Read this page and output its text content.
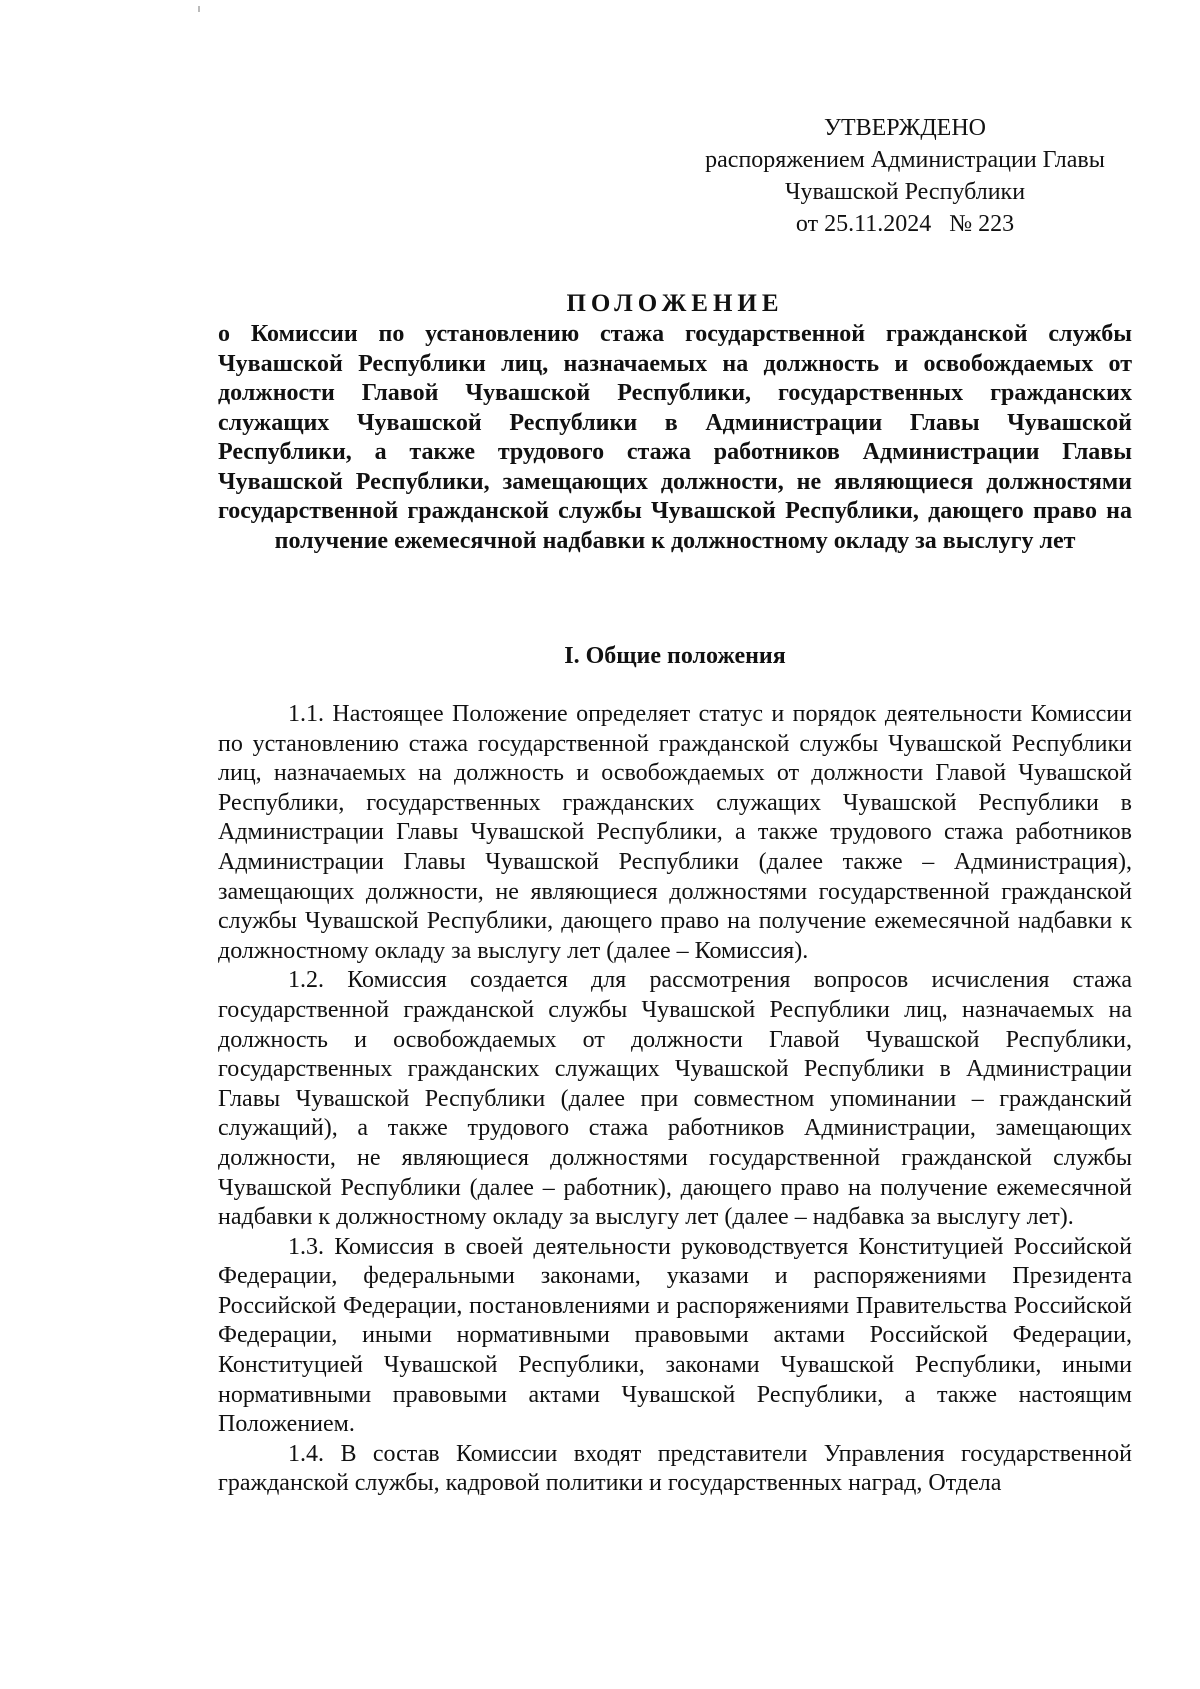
УТВЕРЖДЕНО
распоряжением Администрации Главы
Чувашской Республики
от 25.11.2024   № 223
ПОЛОЖЕНИЕ
о Комиссии по установлению стажа государственной гражданской службы Чувашской Республики лиц, назначаемых на должность и освобождаемых от должности Главой Чувашской Республики, государственных гражданских служащих Чувашской Республики в Администрации Главы Чувашской Республики, а также трудового стажа работников Администрации Главы Чувашской Республики, замещающих должности, не являющиеся должностями государственной гражданской службы Чувашской Республики, дающего право на получение ежемесячной надбавки к должностному окладу за выслугу лет
I. Общие положения

1.1. Настоящее Положение определяет статус и порядок деятельности Комиссии по установлению стажа государственной гражданской службы Чувашской Республики лиц, назначаемых на должность и освобождаемых от должности Главой Чувашской Республики, государственных гражданских служащих Чувашской Республики в Администрации Главы Чувашской Республики, а также трудового стажа работников Администрации Главы Чувашской Республики (далее также – Администрация), замещающих должности, не являющиеся должностями государственной гражданской службы Чувашской Республики, дающего право на получение ежемесячной надбавки к должностному окладу за выслугу лет (далее – Комиссия).

1.2. Комиссия создается для рассмотрения вопросов исчисления стажа государственной гражданской службы Чувашской Республики лиц, назначаемых на должность и освобождаемых от должности Главой Чувашской Республики, государственных гражданских служащих Чувашской Республики в Администрации Главы Чувашской Республики (далее при совместном упоминании – гражданский служащий), а также трудового стажа работников Администрации, замещающих должности, не являющиеся должностями государственной гражданской службы Чувашской Республики (далее – работник), дающего право на получение ежемесячной надбавки к должностному окладу за выслугу лет (далее – надбавка за выслугу лет).

1.3. Комиссия в своей деятельности руководствуется Конституцией Российской Федерации, федеральными законами, указами и распоряжениями Президента Российской Федерации, постановлениями и распоряжениями Правительства Российской Федерации, иными нормативными правовыми актами Российской Федерации, Конституцией Чувашской Республики, законами Чувашской Республики, иными нормативными правовыми актами Чувашской Республики, а также настоящим Положением.

1.4. В состав Комиссии входят представители Управления государственной гражданской службы, кадровой политики и государственных наград, Отдела
